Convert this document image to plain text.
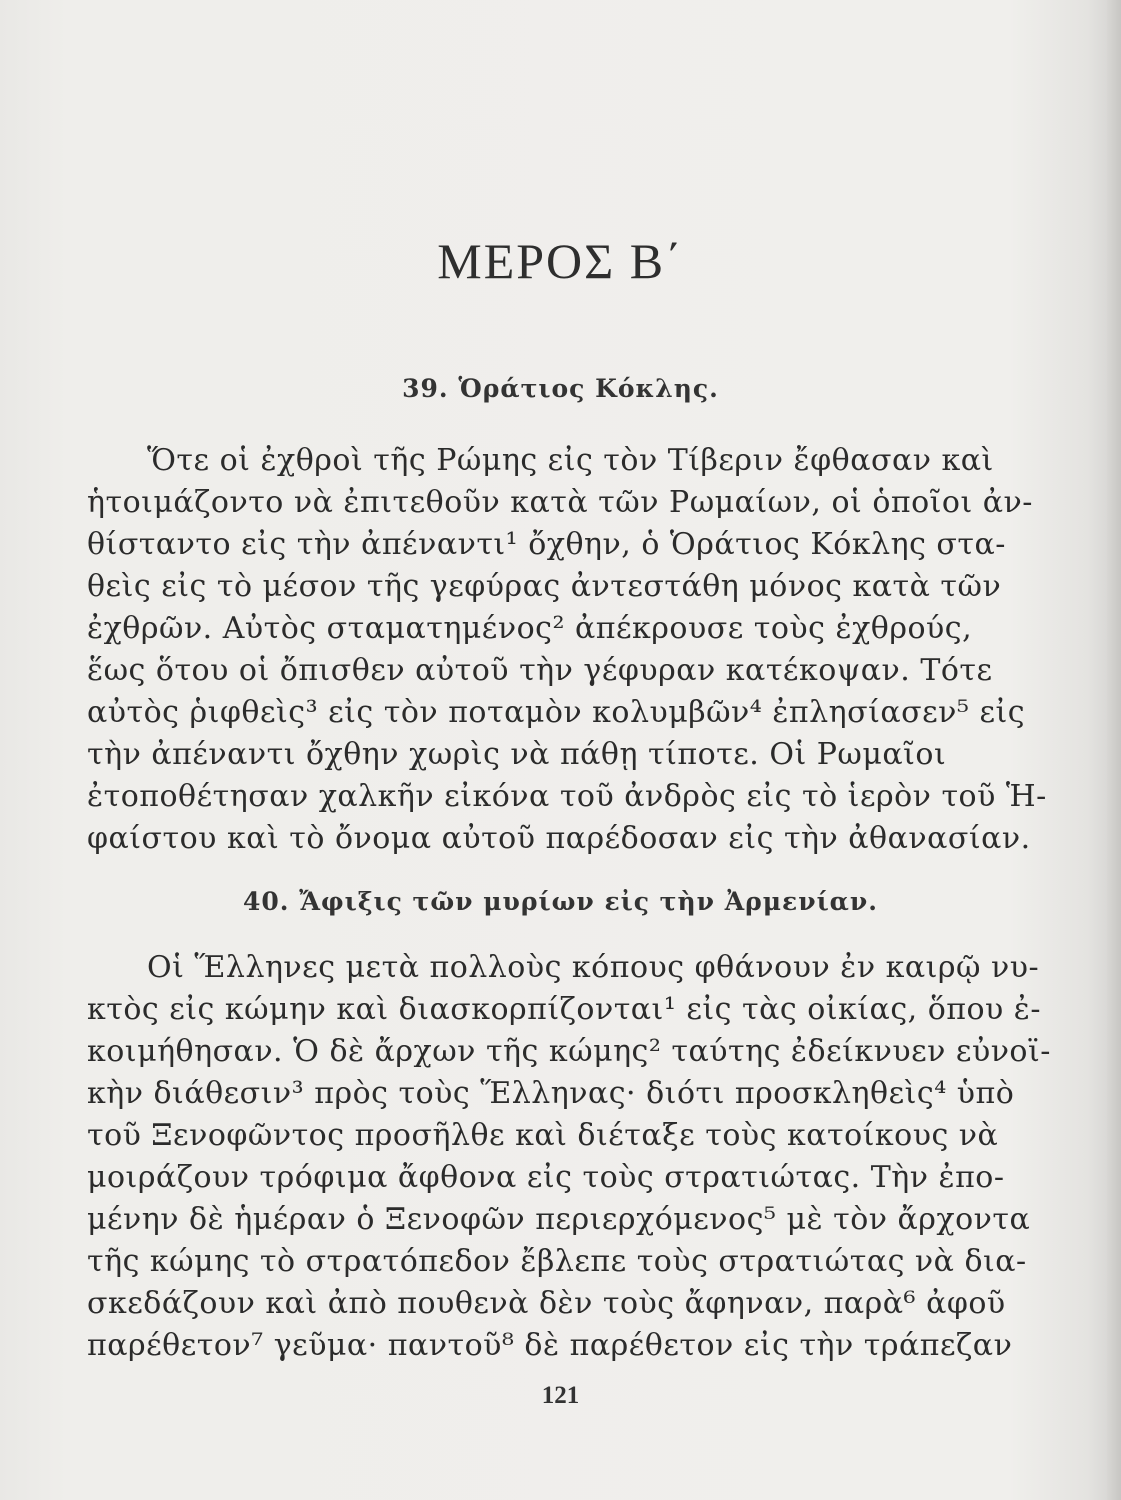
ΜΕΡΟΣ Β΄
39. Ὁράτιος Κόκλης.
Ὅτε οἱ ἐχθροὶ τῆς Ρώμης εἰς τὸν Τίβεριν ἔφθασαν καὶ
ἡτοιμάζοντο νὰ ἐπιτεθοῦν κατὰ τῶν Ρωμαίων, οἱ ὁποῖοι ἀν-
θίσταντο εἰς τὴν ἀπέναντι¹ ὄχθην, ὁ Ὁράτιος Κόκλης στα-
θεὶς εἰς τὸ μέσον τῆς γεφύρας ἀντεστάθη μόνος κατὰ τῶν
ἐχθρῶν. Αὐτὸς σταματημένος² ἀπέκρουσε τοὺς ἐχθρούς,
ἕως ὅτου οἱ ὄπισθεν αὐτοῦ τὴν γέφυραν κατέκοψαν. Τότε
αὐτὸς ῥιφθεὶς³ εἰς τὸν ποταμὸν κολυμβῶν⁴ ἐπλησίασεν⁵ εἰς
τὴν ἀπέναντι ὄχθην χωρὶς νὰ πάθῃ τίποτε. Οἱ Ρωμαῖοι
ἐτοποθέτησαν χαλκῆν εἰκόνα τοῦ ἀνδρὸς εἰς τὸ ἱερὸν τοῦ Ἡ-
φαίστου καὶ τὸ ὄνομα αὐτοῦ παρέδοσαν εἰς τὴν ἀθανασίαν.
40. Ἄφιξις τῶν μυρίων εἰς τὴν Ἀρμενίαν.
Οἱ Ἕλληνες μετὰ πολλοὺς κόπους φθάνουν ἐν καιρῷ νυ-
κτὸς εἰς κώμην καὶ διασκορπίζονται¹ εἰς τὰς οἰκίας, ὅπου ἐ-
κοιμήθησαν. Ὁ δὲ ἄρχων τῆς κώμης² ταύτης ἐδείκνυεν εὐνοϊ-
κὴν διάθεσιν³ πρὸς τοὺς Ἕλληνας· διότι προσκληθεὶς⁴ ὑπὸ
τοῦ Ξενοφῶντος προσῆλθε καὶ διέταξε τοὺς κατοίκους νὰ
μοιράζουν τρόφιμα ἄφθονα εἰς τοὺς στρατιώτας. Τὴν ἐπο-
μένην δὲ ἡμέραν ὁ Ξενοφῶν περιερχόμενος⁵ μὲ τὸν ἄρχοντα
τῆς κώμης τὸ στρατόπεδον ἔβλεπε τοὺς στρατιώτας νὰ δια-
σκεδάζουν καὶ ἀπὸ πουθενὰ δὲν τοὺς ἄφηναν, παρὰ⁶ ἀφοῦ
παρέθετον⁷ γεῦμα· παντοῦ⁸ δὲ παρέθετον εἰς τὴν τράπεζαν
121
